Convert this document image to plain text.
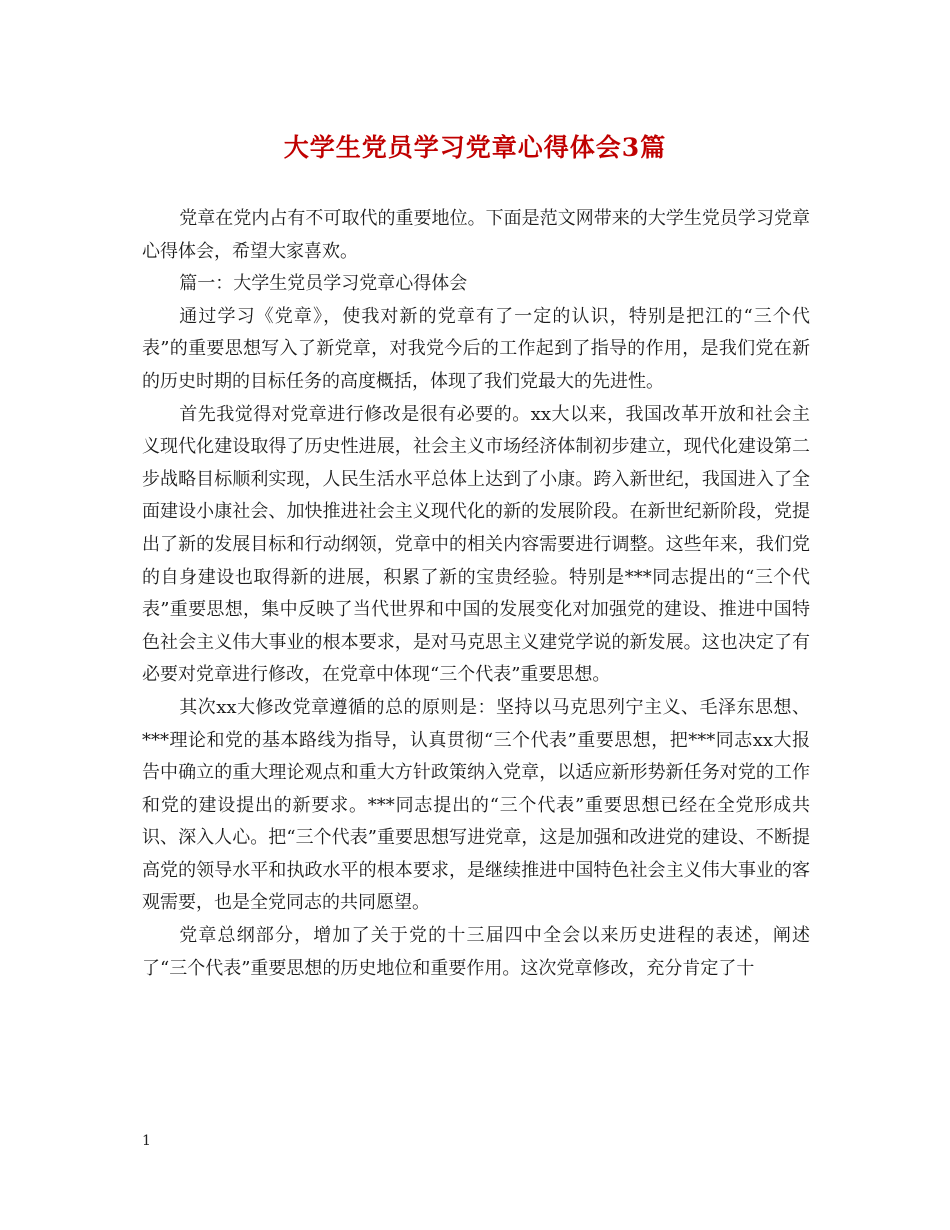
大学生党员学习党章心得体会3篇

党章在党内占有不可取代的重要地位。下面是范文网带来的大学生党员学习党章心得体会，希望大家喜欢。

篇一：大学生党员学习党章心得体会

通过学习《党章》，使我对新的党章有了一定的认识，特别是把江的“三个代表”的重要思想写入了新党章，对我党今后的工作起到了指导的作用，是我们党在新的历史时期的目标任务的高度概括，体现了我们党最大的先进性。

首先我觉得对党章进行修改是很有必要的。xx大以来，我国改革开放和社会主义现代化建设取得了历史性进展，社会主义市场经济体制初步建立，现代化建设第二步战略目标顺利实现，人民生活水平总体上达到了小康。跨入新世纪，我国进入了全面建设小康社会、加快推进社会主义现代化的新的发展阶段。在新世纪新阶段，党提出了新的发展目标和行动纲领，党章中的相关内容需要进行调整。这些年来，我们党的自身建设也取得新的进展，积累了新的宝贵经验。特别是***同志提出的“三个代表”重要思想，集中反映了当代世界和中国的发展变化对加强党的建设、推进中国特色社会主义伟大事业的根本要求，是对马克思主义建党学说的新发展。这也决定了有必要对党章进行修改，在党章中体现“三个代表”重要思想。

其次xx大修改党章遵循的总的原则是：坚持以马克思列宁主义、毛泽东思想、***理论和党的基本路线为指导，认真贯彻“三个代表”重要思想，把***同志xx大报告中确立的重大理论观点和重大方针政策纳入党章，以适应新形势新任务对党的工作和党的建设提出的新要求。***同志提出的“三个代表”重要思想已经在全党形成共识、深入人心。把“三个代表”重要思想写进党章，这是加强和改进党的建设、不断提高党的领导水平和执政水平的根本要求，是继续推进中国特色社会主义伟大事业的客观需要，也是全党同志的共同愿望。

党章总纲部分，增加了关于党的十三届四中全会以来历史进程的表述，阐述了“三个代表”重要思想的历史地位和重要作用。这次党章修改，充分肯定了十

1
